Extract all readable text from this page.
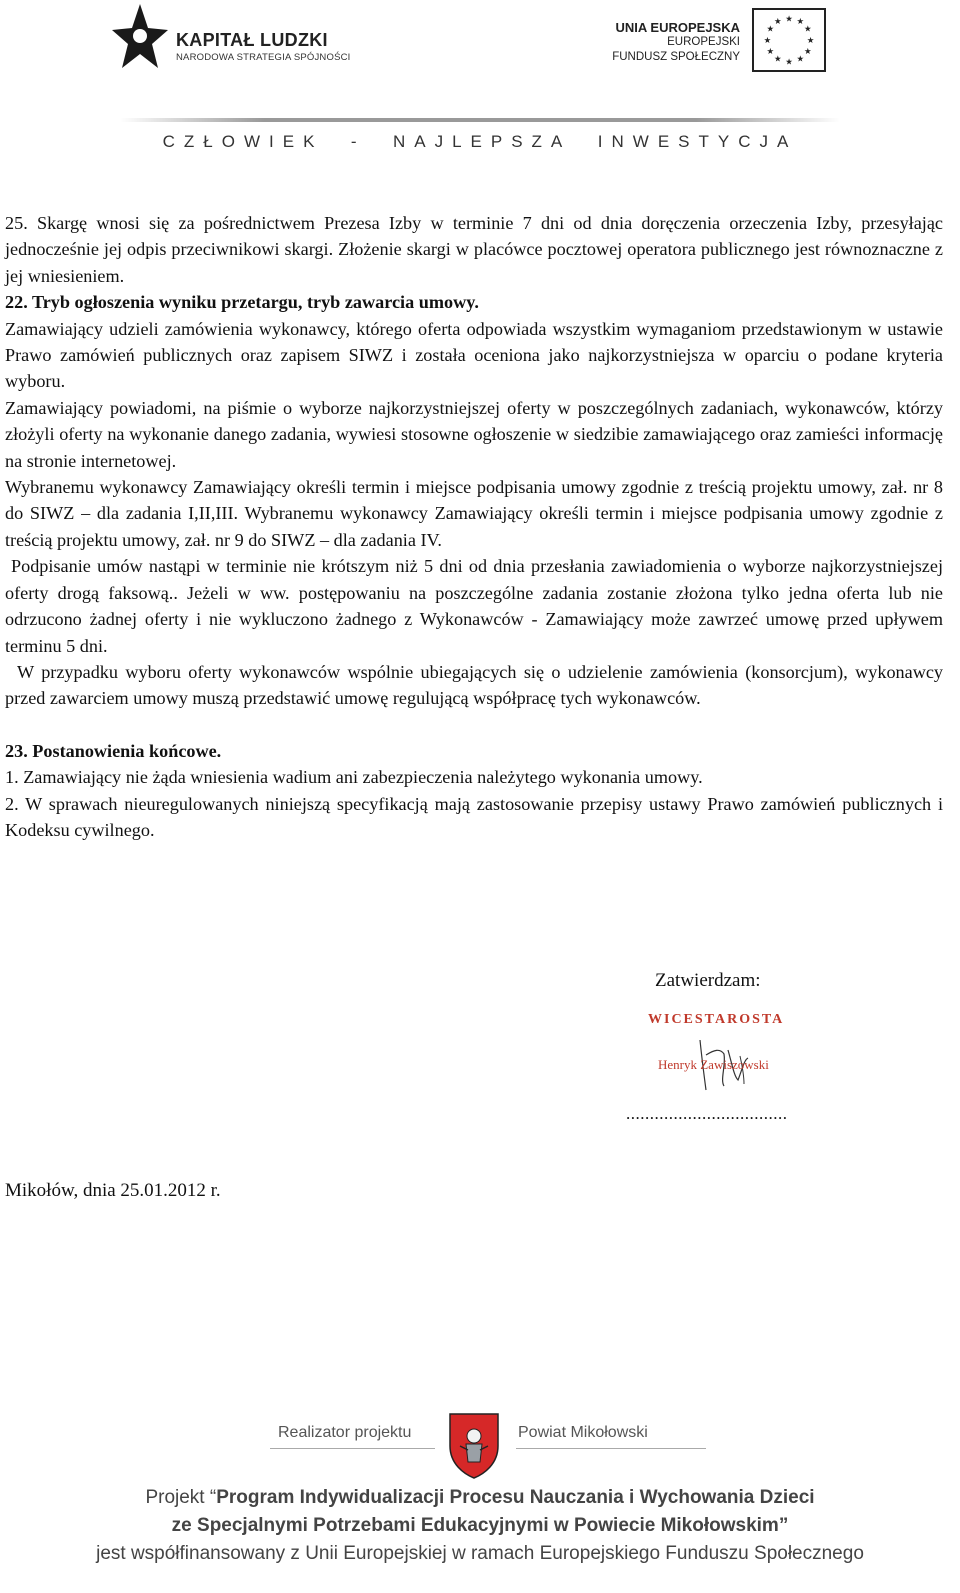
KAPITAŁ LUDZKI
NARODOWA STRATEGIA SPÓJNOŚCI
UNIA EUROPEJSKA
EUROPEJSKI
FUNDUSZ SPOŁECZNY
★ ★
★
★
★
★
★
★
★
★
★
★
CZŁOWIEK  -  NAJLEPSZA  INWESTYCJA

25. Skargę wnosi się za pośrednictwem Prezesa Izby w terminie 7 dni od dnia doręczenia orzeczenia Izby, przesyłając jednocześnie jej odpis przeciwnikowi skargi. Złożenie skargi w placówce pocztowej operatora publicznego jest równoznaczne z jej wniesieniem.

22. Tryb ogłoszenia wyniku przetargu, tryb zawarcia umowy.

Zamawiający udzieli zamówienia wykonawcy, którego oferta odpowiada wszystkim wymaganiom przedstawionym w ustawie Prawo zamówień publicznych oraz zapisem SIWZ i została oceniona jako najkorzystniejsza w oparciu o podane kryteria wyboru.

Zamawiający powiadomi, na piśmie o wyborze najkorzystniejszej oferty w poszczególnych zadaniach, wykonawców, którzy złożyli oferty na wykonanie danego zadania, wywiesi stosowne ogłoszenie w siedzibie zamawiającego oraz zamieści informację na stronie internetowej.

Wybranemu wykonawcy Zamawiający określi termin i miejsce podpisania umowy zgodnie z treścią projektu umowy, zał. nr 8 do SIWZ – dla zadania I,II,III. Wybranemu wykonawcy Zamawiający określi termin i miejsce podpisania umowy zgodnie z treścią projektu umowy, zał. nr 9 do SIWZ – dla zadania IV.

Podpisanie umów nastąpi w terminie nie krótszym niż 5 dni od dnia przesłania zawiadomienia o wyborze najkorzystniejszej oferty drogą faksową.. Jeżeli w ww. postępowaniu na poszczególne zadania zostanie złożona tylko jedna oferta lub nie odrzucono żadnej oferty i nie wykluczono żadnego z Wykonawców - Zamawiający może zawrzeć umowę przed upływem terminu 5 dni.

W przypadku wyboru oferty wykonawców wspólnie ubiegających się o udzielenie zamówienia (konsorcjum), wykonawcy przed zawarciem umowy muszą przedstawić umowę regulującą współpracę tych wykonawców.

23. Postanowienia końcowe.

1. Zamawiający nie żąda wniesienia wadium ani zabezpieczenia należytego wykonania umowy.

2. W sprawach nieuregulowanych niniejszą specyfikacją mają zastosowanie przepisy ustawy Prawo zamówień publicznych i Kodeksu cywilnego.

Zatwierdzam:
WICESTAROSTA
Henryk Zawiszowski
..................................
Mikołów, dnia 25.01.2012 r.
Realizator projektu	Powiat Mikołowski
Projekt “Program Indywidualizacji Procesu Nauczania i Wychowania Dzieci
ze Specjalnymi Potrzebami Edukacyjnymi w Powiecie Mikołowskim”
jest współfinansowany z Unii Europejskiej w ramach Europejskiego Funduszu Społecznego
